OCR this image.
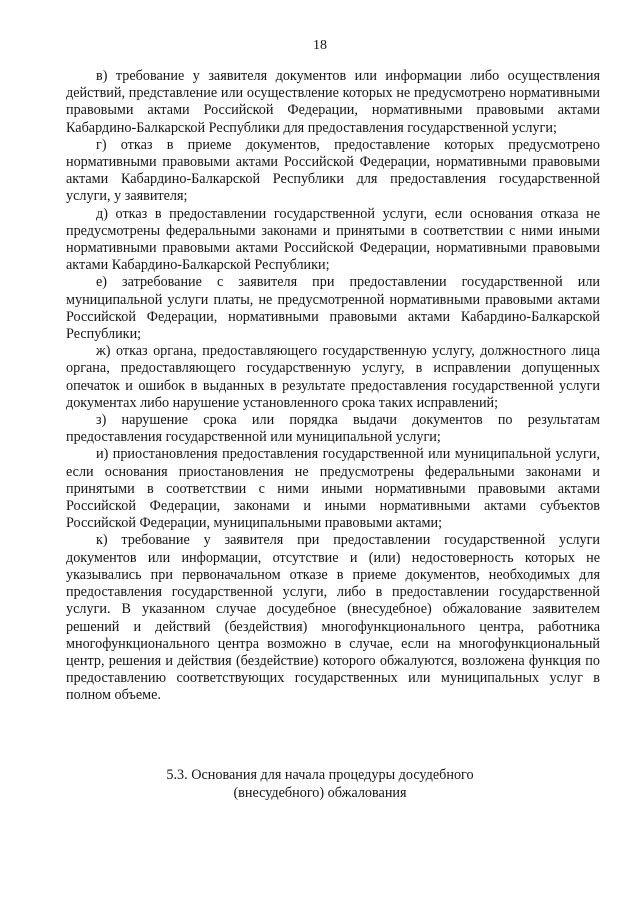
18

в) требование у заявителя документов или информации либо осуществления действий, представление или осуществление которых не предусмотрено нормативными правовыми актами Российской Федерации, нормативными правовыми актами Кабардино-Балкарской Республики для предоставления государственной услуги;

г) отказ в приеме документов, предоставление которых предусмотрено нормативными правовыми актами Российской Федерации, нормативными правовыми актами Кабардино-Балкарской Республики для предоставления государственной услуги, у заявителя;

д) отказ в предоставлении государственной услуги, если основания отказа не предусмотрены федеральными законами и принятыми в соответствии с ними иными нормативными правовыми актами Российской Федерации, нормативными правовыми актами Кабардино-Балкарской Республики;

е) затребование с заявителя при предоставлении государственной или муниципальной услуги платы, не предусмотренной нормативными правовыми актами Российской Федерации, нормативными правовыми актами Кабардино-Балкарской Республики;

ж) отказ органа, предоставляющего государственную услугу, должностного лица органа, предоставляющего государственную услугу, в исправлении допущенных опечаток и ошибок в выданных в результате предоставления государственной услуги документах либо нарушение установленного срока таких исправлений;

з) нарушение срока или порядка выдачи документов по результатам предоставления государственной или муниципальной услуги;

и) приостановления предоставления государственной или муниципальной услуги, если основания приостановления не предусмотрены федеральными законами и принятыми в соответствии с ними иными нормативными правовыми актами Российской Федерации, законами и иными нормативными актами субъектов Российской Федерации, муниципальными правовыми актами;

к) требование у заявителя при предоставлении государственной услуги документов или информации, отсутствие и (или) недостоверность которых не указывались при первоначальном отказе в приеме документов, необходимых для предоставления государственной услуги, либо в предоставлении государственной услуги. В указанном случае досудебное (внесудебное) обжалование заявителем решений и действий (бездействия) многофункционального центра, работника многофункционального центра возможно в случае, если на многофункциональный центр, решения и действия (бездействие) которого обжалуются, возложена функция по предоставлению соответствующих государственных или муниципальных услуг в полном объеме.

5.3. Основания для начала процедуры досудебного
(внесудебного) обжалования
